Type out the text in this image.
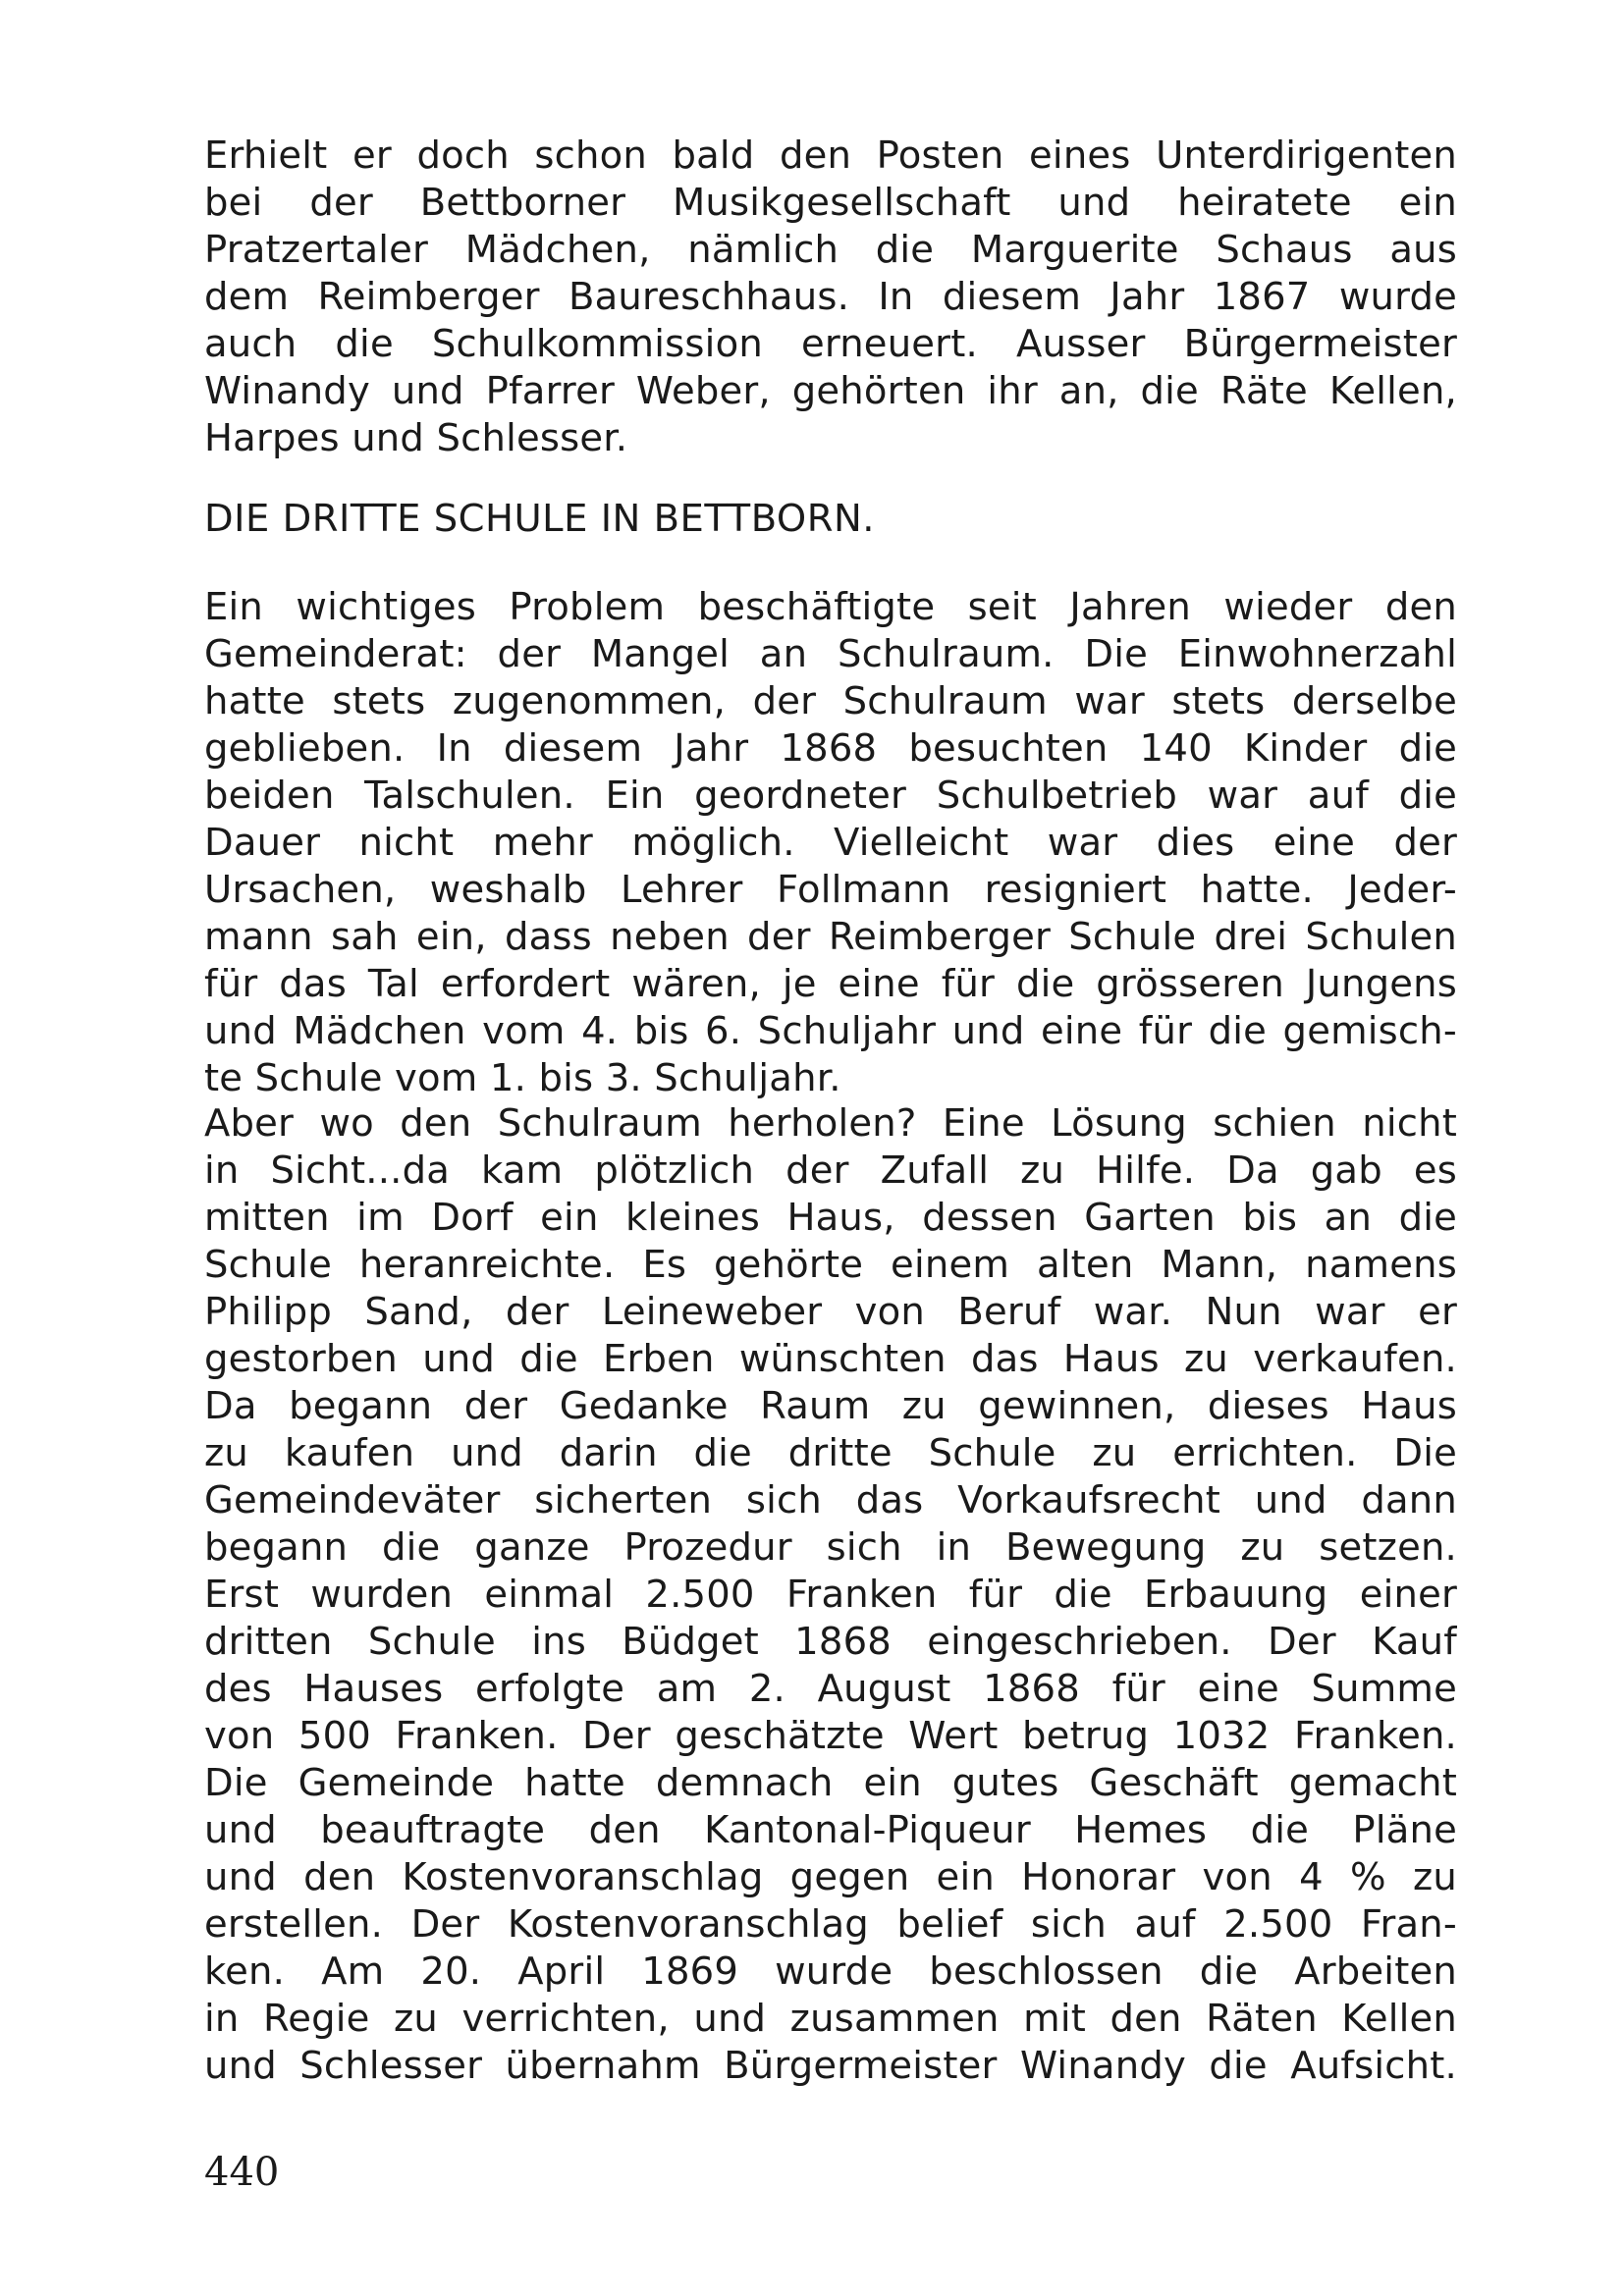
Erhielt er doch schon bald den Posten eines Unterdirigenten
bei der Bettborner Musikgesellschaft und heiratete ein
Pratzertaler Mädchen, nämlich die Marguerite Schaus aus
dem Reimberger Baureschhaus. In diesem Jahr 1867 wurde
auch die Schulkommission erneuert. Ausser Bürgermeister
Winandy und Pfarrer Weber, gehörten ihr an, die Räte Kellen,
Harpes und Schlesser.
DIE DRITTE SCHULE IN BETTBORN.
Ein wichtiges Problem beschäftigte seit Jahren wieder den
Gemeinderat: der Mangel an Schulraum. Die Einwohnerzahl
hatte stets zugenommen, der Schulraum war stets derselbe
geblieben. In diesem Jahr 1868 besuchten 140 Kinder die
beiden Talschulen. Ein geordneter Schulbetrieb war auf die
Dauer nicht mehr möglich. Vielleicht war dies eine der
Ursachen, weshalb Lehrer Follmann resigniert hatte. Jeder-
mann sah ein, dass neben der Reimberger Schule drei Schulen
für das Tal erfordert wären, je eine für die grösseren Jungens
und Mädchen vom 4. bis 6. Schuljahr und eine für die gemisch-
te Schule vom 1. bis 3. Schuljahr.
Aber wo den Schulraum herholen? Eine Lösung schien nicht
in Sicht...da kam plötzlich der Zufall zu Hilfe. Da gab es
mitten im Dorf ein kleines Haus, dessen Garten bis an die
Schule heranreichte. Es gehörte einem alten Mann, namens
Philipp Sand, der Leineweber von Beruf war. Nun war er
gestorben und die Erben wünschten das Haus zu verkaufen.
Da begann der Gedanke Raum zu gewinnen, dieses Haus
zu kaufen und darin die dritte Schule zu errichten. Die
Gemeindeväter sicherten sich das Vorkaufsrecht und dann
begann die ganze Prozedur sich in Bewegung zu setzen.
Erst wurden einmal 2.500 Franken für die Erbauung einer
dritten Schule ins Büdget 1868 eingeschrieben. Der Kauf
des Hauses erfolgte am 2. August 1868 für eine Summe
von 500 Franken. Der geschätzte Wert betrug 1032 Franken.
Die Gemeinde hatte demnach ein gutes Geschäft gemacht
und beauftragte den Kantonal-Piqueur Hemes die Pläne
und den Kostenvoranschlag gegen ein Honorar von 4 % zu
erstellen. Der Kostenvoranschlag belief sich auf 2.500 Fran-
ken. Am 20. April 1869 wurde beschlossen die Arbeiten
in Regie zu verrichten, und zusammen mit den Räten Kellen
und Schlesser übernahm Bürgermeister Winandy die Aufsicht.
440
